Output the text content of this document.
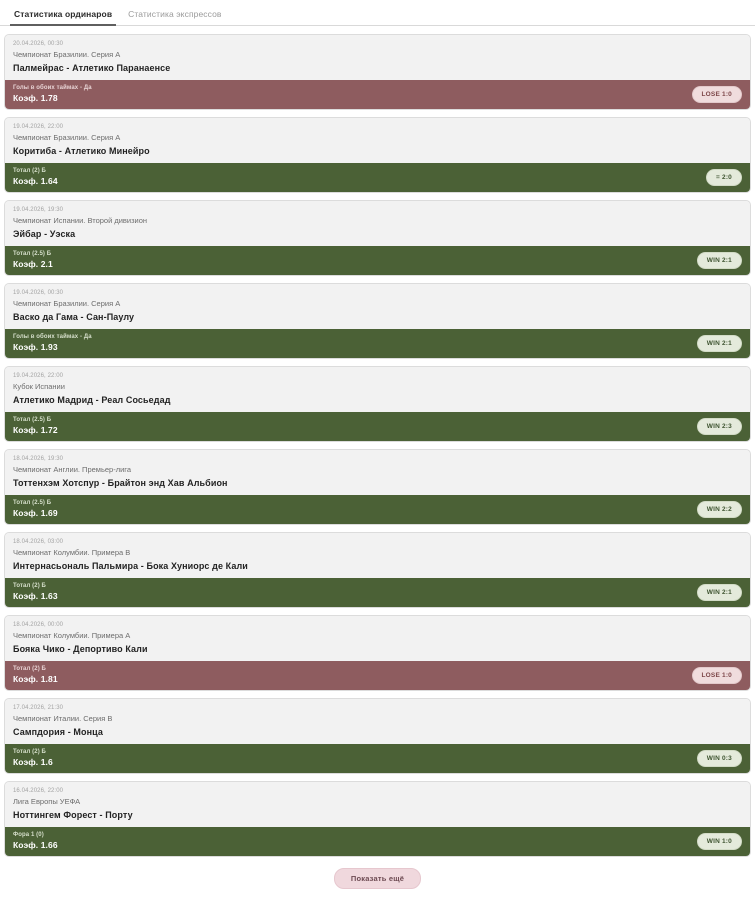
Статистика ординаров	Статистика экспрессов
20.04.2026, 00:30
Чемпионат Бразилии. Серия A
Палмейрас - Атлетико Паранаенсе
Голы в обоих таймах - Да
Коэф. 1.78	LOSE 1:0
19.04.2026, 22:00
Чемпионат Бразилии. Серия A
Коритиба - Атлетико Минейро
Тотал (2) Б
Коэф. 1.64	= 2:0
19.04.2026, 19:30
Чемпионат Испании. Второй дивизион
Эйбар - Уэска
Тотал (2.5) Б
Коэф. 2.1	WIN 2:1
19.04.2026, 00:30
Чемпионат Бразилии. Серия A
Васко да Гама - Сан-Паулу
Голы в обоих таймах - Да
Коэф. 1.93	WIN 2:1
19.04.2026, 22:00
Кубок Испании
Атлетико Мадрид - Реал Сосьедад
Тотал (2.5) Б
Коэф. 1.72	WIN 2:3
18.04.2026, 19:30
Чемпионат Англии. Премьер-лига
Тоттенхэм Хотспур - Брайтон энд Хав Альбион
Тотал (2.5) Б
Коэф. 1.69	WIN 2:2
18.04.2026, 03:00
Чемпионат Колумбии. Примера B
Интернасьональ Пальмира - Бока Хуниорс де Кали
Тотал (2) Б
Коэф. 1.63	WIN 2:1
18.04.2026, 00:00
Чемпионат Колумбии. Примера A
Бояка Чико - Депортиво Кали
Тотал (2) Б
Коэф. 1.81	LOSE 1:0
17.04.2026, 21:30
Чемпионат Италии. Серия B
Сампдория - Монца
Тотал (2) Б
Коэф. 1.6	WIN 0:3
16.04.2026, 22:00
Лига Европы УЕФА
Ноттингем Форест - Порту
Фора 1 (0)
Коэф. 1.66	WIN 1:0
Показать ещё
